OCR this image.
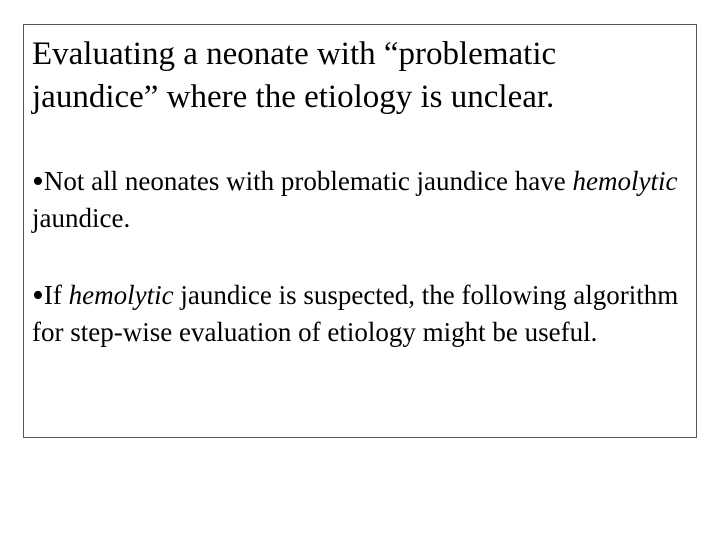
Evaluating a neonate with “problematic jaundice” where the etiology is unclear.

•Not all neonates with problematic jaundice have hemolytic jaundice.

•If hemolytic jaundice is suspected, the following algorithm for step-wise evaluation of etiology might be useful.
